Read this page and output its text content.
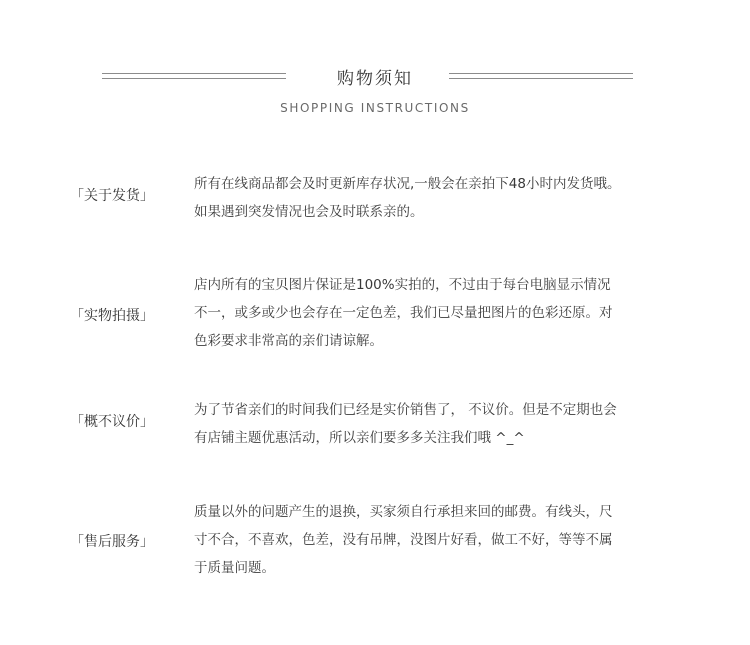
购物须知
SHOPPING INSTRUCTIONS
「关于发货」
所有在线商品都会及时更新库存状况,一般会在亲拍下48小时内发货哦。
如果遇到突发情况也会及时联系亲的。
「实物拍摄」
店内所有的宝贝图片保证是100%实拍的，不过由于每台电脑显示情况
不一，或多或少也会存在一定色差，我们已尽量把图片的色彩还原。对
色彩要求非常高的亲们请谅解。
「概不议价」
为了节省亲们的时间我们已经是实价销售了， 不议价。但是不定期也会
有店铺主题优惠活动，所以亲们要多多关注我们哦 ^_^
「售后服务」
质量以外的问题产生的退换，买家须自行承担来回的邮费。有线头，尺
寸不合，不喜欢，色差，没有吊牌，没图片好看，做工不好，等等不属
于质量问题。
